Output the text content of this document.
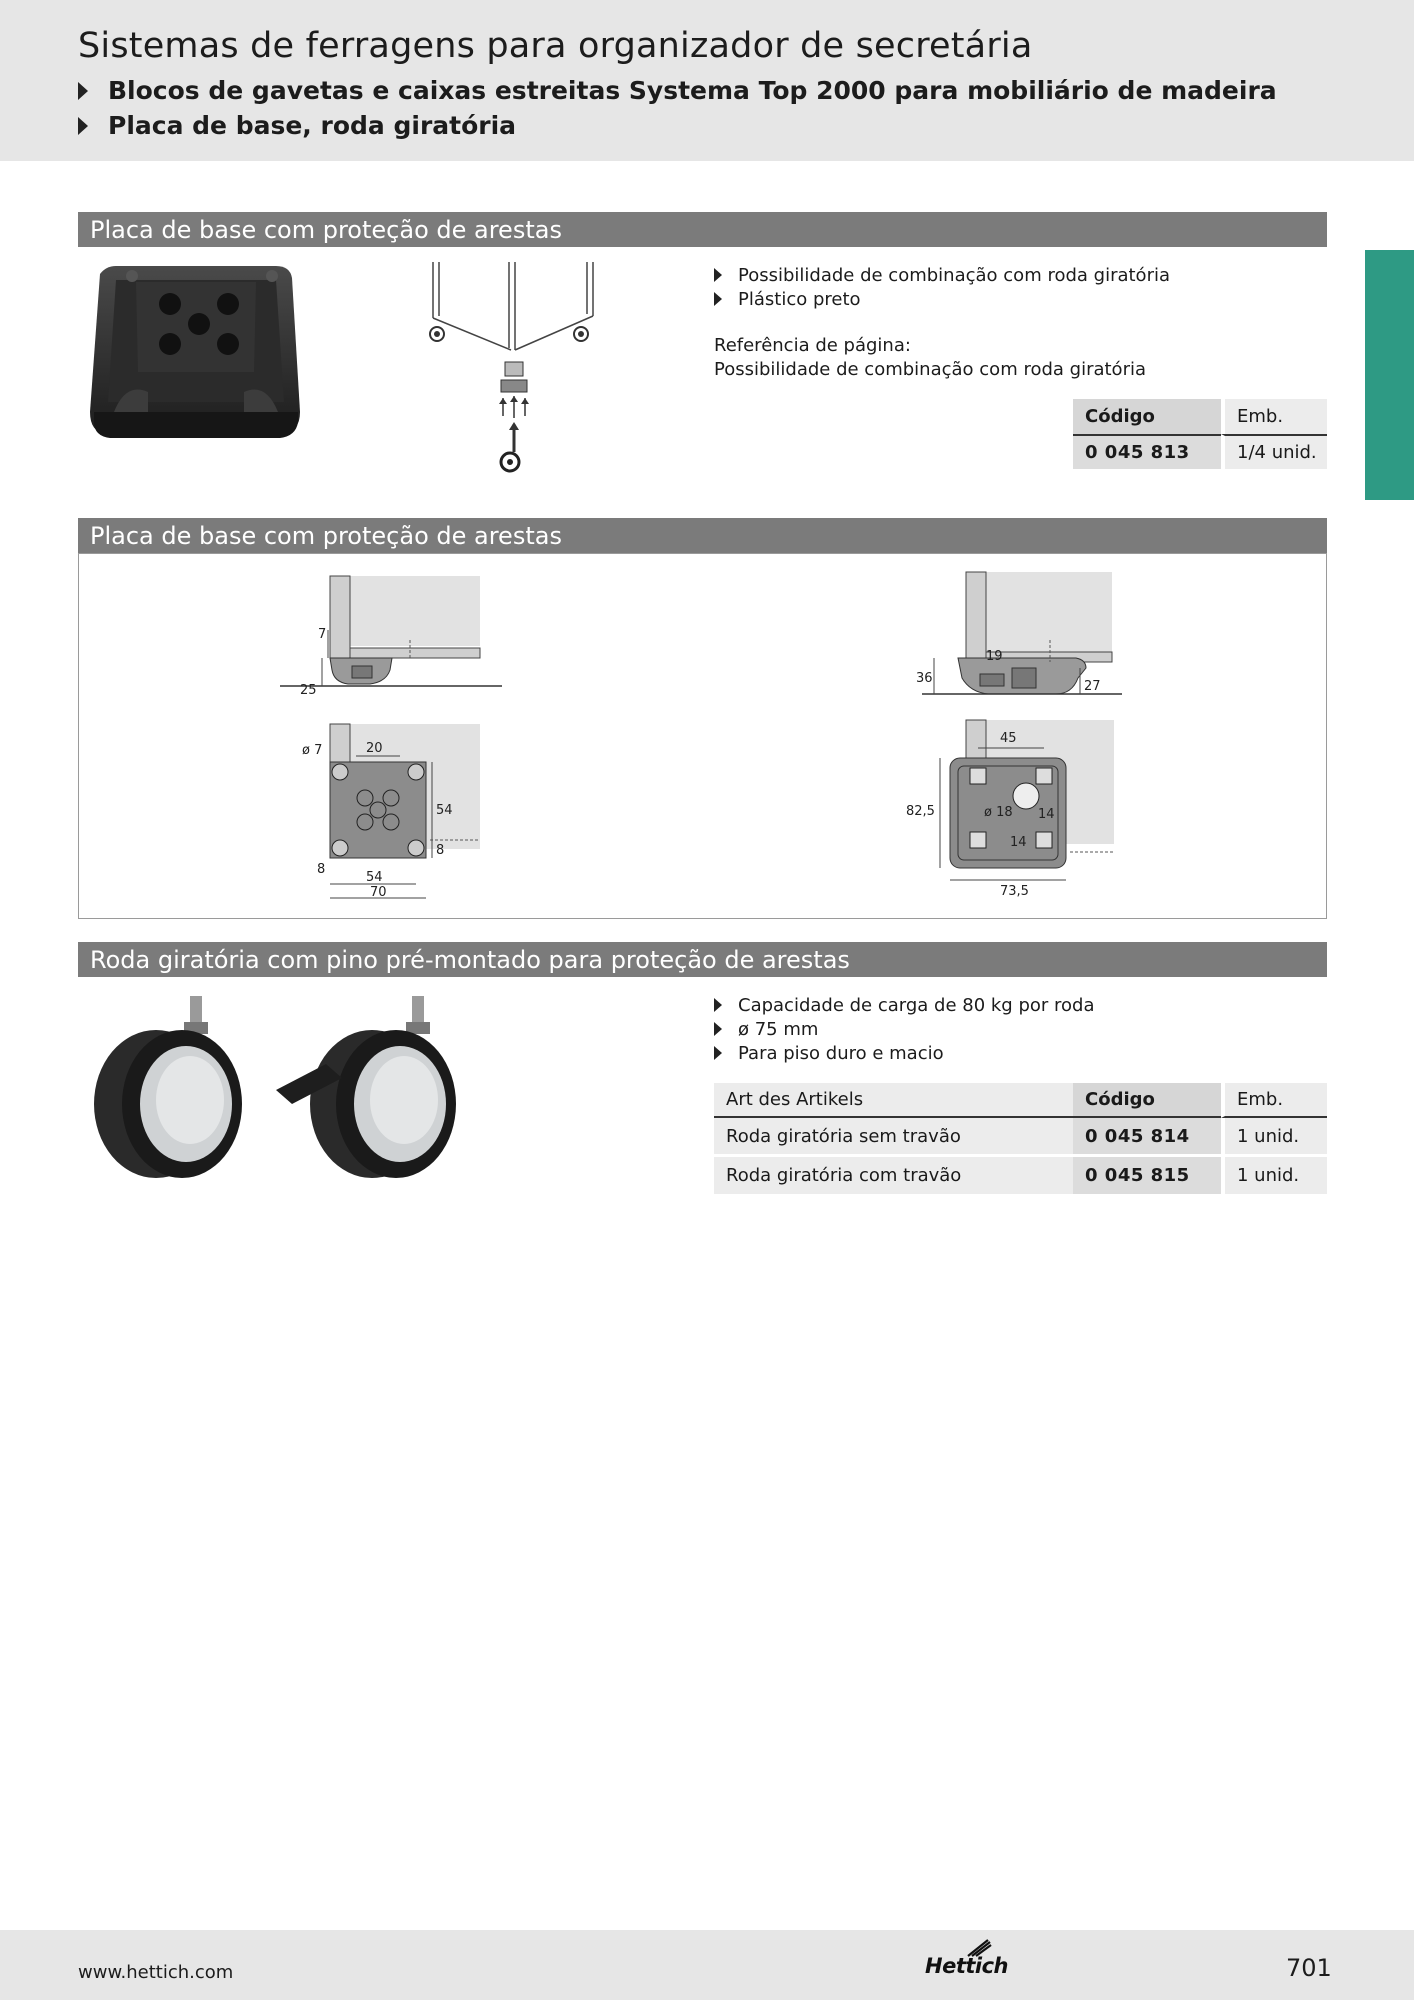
Sistemas de ferragens para organizador de secretária
Blocos de gavetas e caixas estreitas Systema Top 2000 para mobiliário de madeira
Placa de base, roda giratória
Placa de base com proteção de arestas
Possibilidade de combinação com roda giratória
Plástico preto
Referência de página:
Possibilidade de combinação com roda giratória
Código	Emb.
0 045 813	1/4 unid.
Placa de base com proteção de arestas
7
25
ø 7	20
54
8
8
54
70
19
36
27
45
82,5	ø 18 14
14
73,5
Roda giratória com pino pré-montado para proteção de arestas
Capacidade de carga de 80 kg por roda
ø 75 mm
Para piso duro e macio
Art des Artikels	Código	Emb.
Roda giratória sem travão	0 045 814	1 unid.
Roda giratória com travão	0 045 815	1 unid.
www.hettich.com	Hettich	701
